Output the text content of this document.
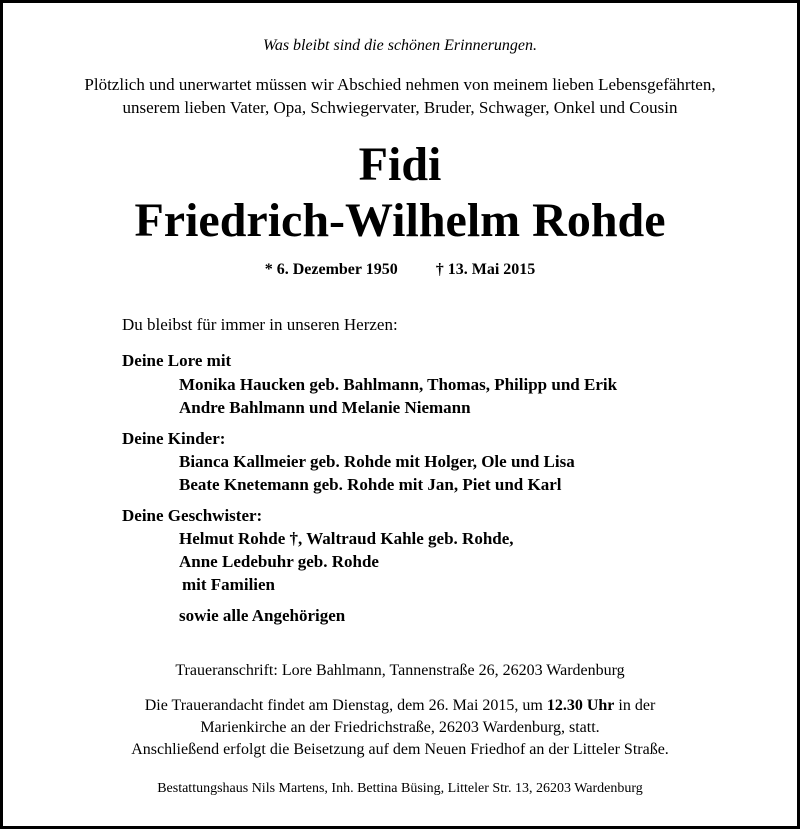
Was bleibt sind die schönen Erinnerungen.
Plötzlich und unerwartet müssen wir Abschied nehmen von meinem lieben Lebensgefährten,
unserem lieben Vater, Opa, Schwiegervater, Bruder, Schwager, Onkel und Cousin
Fidi
Friedrich-Wilhelm Rohde
* 6. Dezember 1950 † 13. Mai 2015
Du bleibst für immer in unseren Herzen:
Deine Lore mit
Monika Haucken geb. Bahlmann, Thomas, Philipp und Erik
Andre Bahlmann und Melanie Niemann
Deine Kinder:
Bianca Kallmeier geb. Rohde mit Holger, Ole und Lisa
Beate Knetemann geb. Rohde mit Jan, Piet und Karl
Deine Geschwister:
Helmut Rohde †, Waltraud Kahle geb. Rohde,
Anne Ledebuhr geb. Rohde
mit Familien
sowie alle Angehörigen
Traueranschrift: Lore Bahlmann, Tannenstraße 26, 26203 Wardenburg
Die Trauerandacht findet am Dienstag, dem 26. Mai 2015, um 12.30 Uhr in der
Marienkirche an der Friedrichstraße, 26203 Wardenburg, statt.
Anschließend erfolgt die Beisetzung auf dem Neuen Friedhof an der Litteler Straße.
Bestattungshaus Nils Martens, Inh. Bettina Büsing, Litteler Str. 13, 26203 Wardenburg
